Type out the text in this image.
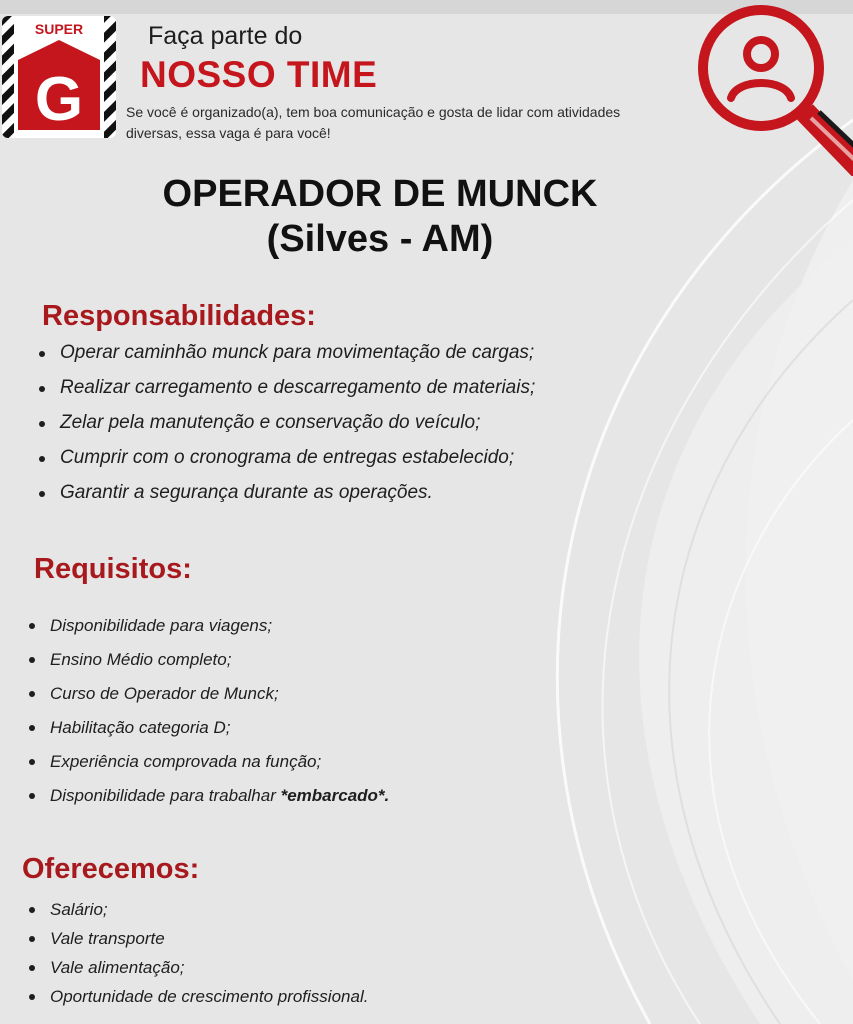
SUPER
G
Faça parte do
NOSSO TIME

Se você é organizado(a), tem boa comunicação e gosta de lidar com atividades diversas, essa vaga é para você!

OPERADOR DE MUNCK
(Silves - AM)
Responsabilidades:
Operar caminhão munck para movimentação de cargas;
Realizar carregamento e descarregamento de materiais;
Zelar pela manutenção e conservação do veículo;
Cumprir com o cronograma de entregas estabelecido;
Garantir a segurança durante as operações.
Requisitos:
Disponibilidade para viagens;
Ensino Médio completo;
Curso de Operador de Munck;
Habilitação categoria D;
Experiência comprovada na função;
Disponibilidade para trabalhar *embarcado*.
Oferecemos:
Salário;
Vale transporte
Vale alimentação;
Oportunidade de crescimento profissional.
